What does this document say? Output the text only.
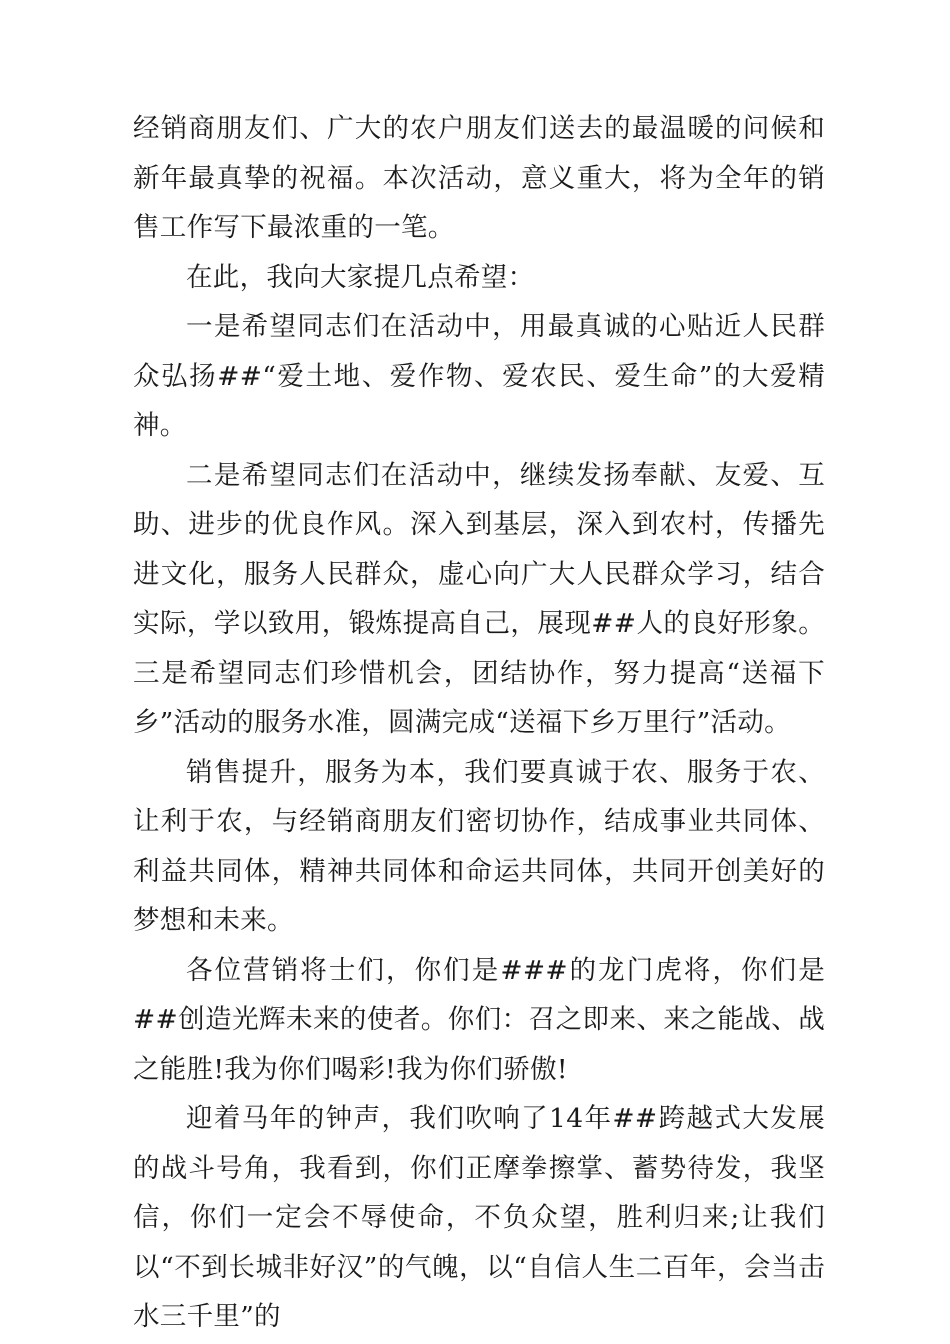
经销商朋友们、广大的农户朋友们送去的最温暖的问候和新年最真挚的祝福。本次活动，意义重大，将为全年的销售工作写下最浓重的一笔。

在此，我向大家提几点希望：

一是希望同志们在活动中，用最真诚的心贴近人民群众弘扬##“爱土地、爱作物、爱农民、爱生命”的大爱精神。

二是希望同志们在活动中，继续发扬奉献、友爱、互助、进步的优良作风。深入到基层，深入到农村，传播先进文化，服务人民群众，虚心向广大人民群众学习，结合实际，学以致用，锻炼提高自己，展现##人的良好形象。三是希望同志们珍惜机会，团结协作，努力提高“送福下乡”活动的服务水准，圆满完成“送福下乡万里行”活动。

销售提升，服务为本，我们要真诚于农、服务于农、让利于农，与经销商朋友们密切协作，结成事业共同体、利益共同体，精神共同体和命运共同体，共同开创美好的梦想和未来。

各位营销将士们，你们是###的龙门虎将，你们是##创造光辉未来的使者。你们：召之即来、来之能战、战之能胜!我为你们喝彩!我为你们骄傲!

迎着马年的钟声，我们吹响了14年##跨越式大发展的战斗号角，我看到，你们正摩拳擦掌、蓄势待发，我坚信，你们一定会不辱使命，不负众望，胜利归来;让我们以“不到长城非好汉”的气魄，以“自信人生二百年，会当击水三千里”的
